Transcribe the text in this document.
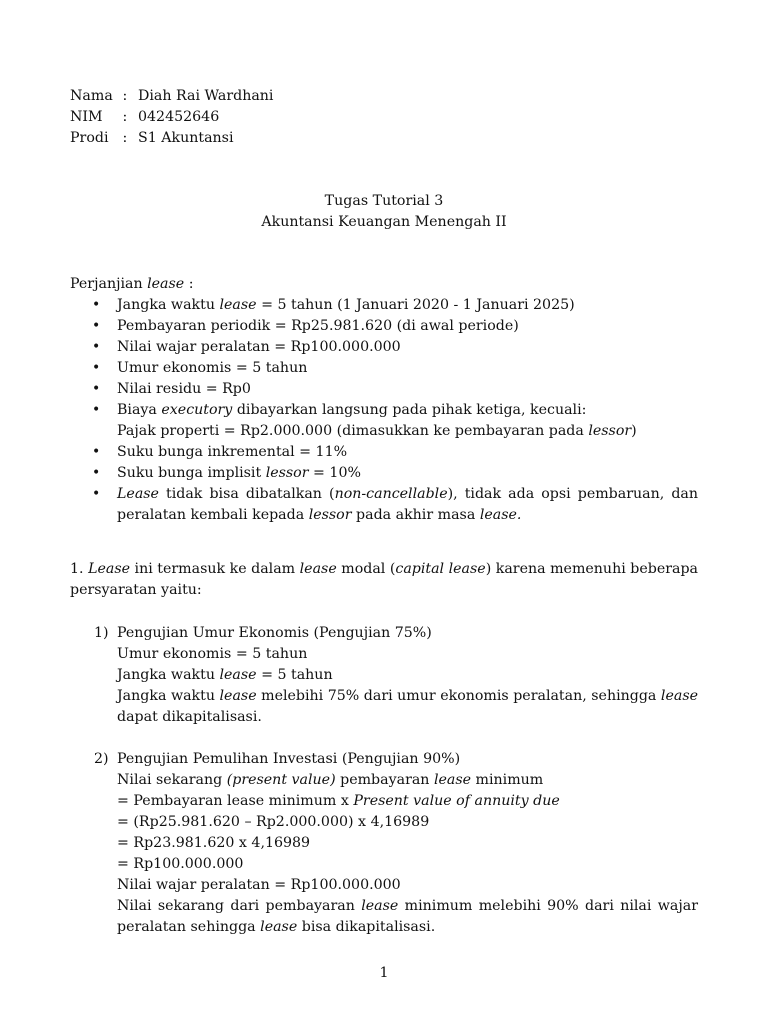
Nama : Diah Rai Wardhani
NIM	: 042452646
Prodi : S1 Akuntansi
Tugas Tutorial 3
Akuntansi Keuangan Menengah II
Perjanjian lease :
• Jangka waktu lease = 5 tahun (1 Januari 2020 - 1 Januari 2025)
• Pembayaran periodik = Rp25.981.620 (di awal periode)
• Nilai wajar peralatan = Rp100.000.000
• Umur ekonomis = 5 tahun
• Nilai residu = Rp0
• Biaya executory dibayarkan langsung pada pihak ketiga, kecuali:
Pajak properti = Rp2.000.000 (dimasukkan ke pembayaran pada lessor)
• Suku bunga inkremental = 11%
• Suku bunga implisit lessor = 10%
• Lease tidak bisa dibatalkan (non-cancellable), tidak ada opsi pembaruan, dan peralatan kembali kepada lessor pada akhir masa lease.
1. Lease ini termasuk ke dalam lease modal (capital lease) karena memenuhi beberapa persyaratan yaitu:
1) Pengujian Umur Ekonomis (Pengujian 75%)
Umur ekonomis = 5 tahun
Jangka waktu lease = 5 tahun
Jangka waktu lease melebihi 75% dari umur ekonomis peralatan, sehingga lease dapat dikapitalisasi.
2) Pengujian Pemulihan Investasi (Pengujian 90%)
Nilai sekarang (present value) pembayaran lease minimum
= Pembayaran lease minimum x Present value of annuity due
= (Rp25.981.620 – Rp2.000.000) x 4,16989
= Rp23.981.620 x 4,16989
= Rp100.000.000
Nilai wajar peralatan = Rp100.000.000
Nilai sekarang dari pembayaran lease minimum melebihi 90% dari nilai wajar peralatan sehingga lease bisa dikapitalisasi.
1
